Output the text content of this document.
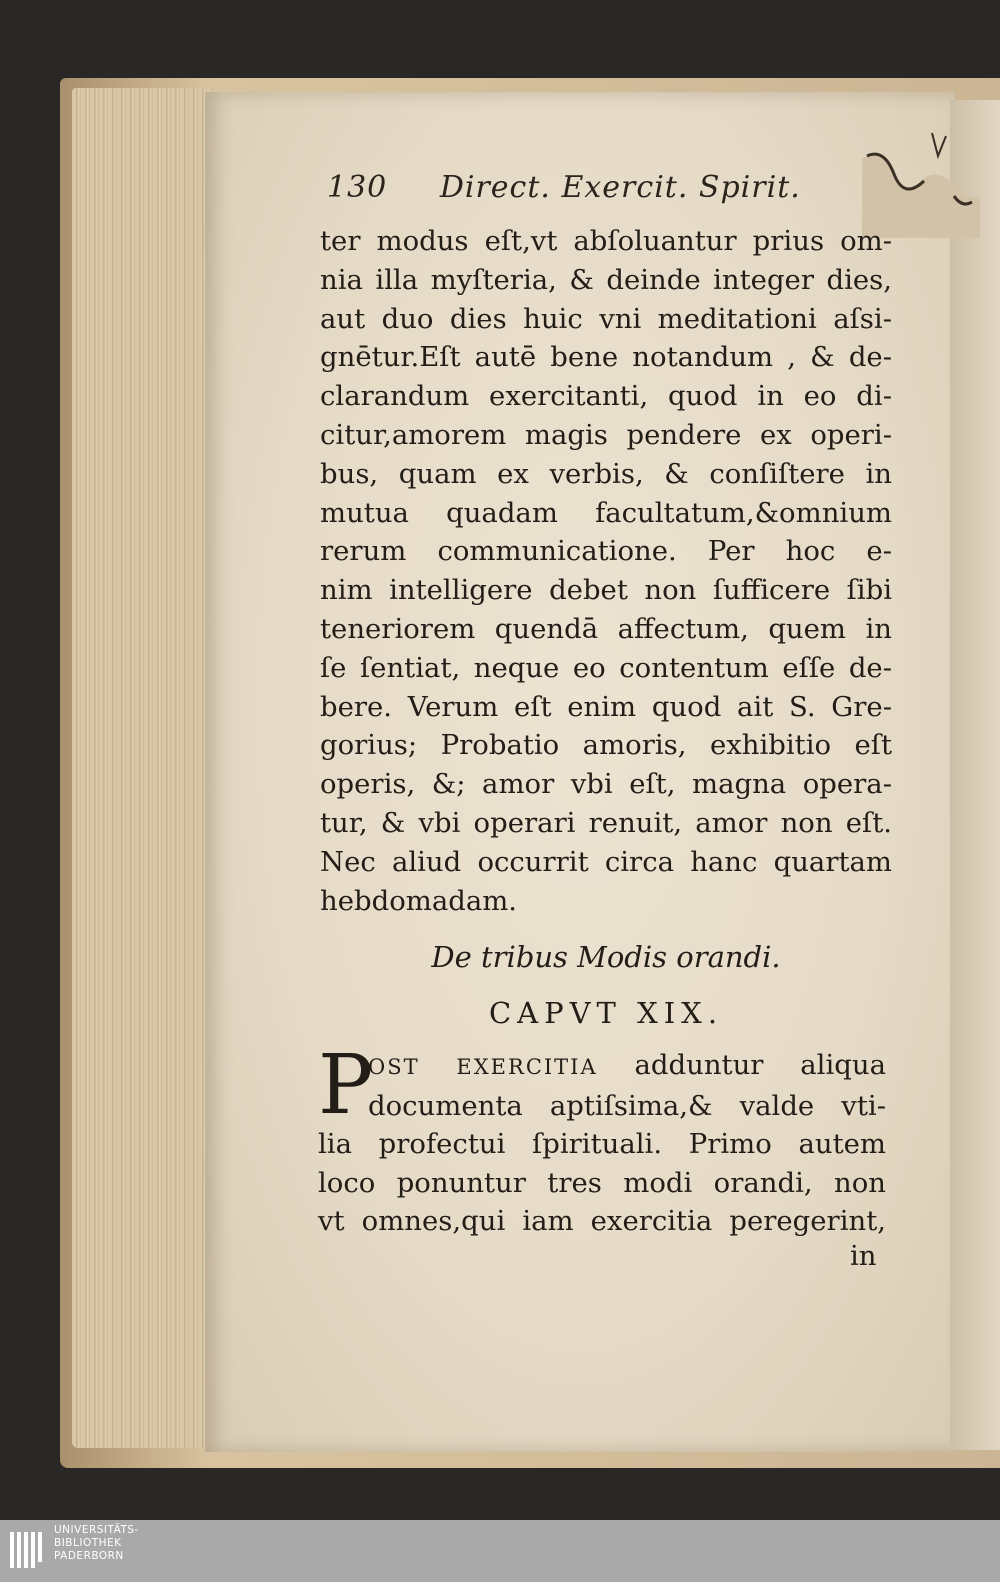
130 Direct. Exercit. Spirit.
ter modus eſt,vt abſoluantur prius om-
nia illa myſteria, & deinde integer dies,
aut duo dies huic vni meditationi aſsi-
gnētur.Eſt autē bene notandum , & de-
clarandum exercitanti, quod in eo di-
citur,amorem magis pendere ex operi-
bus, quam ex verbis, & conſiſtere in
mutua quadam facultatum,&omnium
rerum communicatione. Per hoc e-
nim intelligere debet non ſufficere ſibi
teneriorem quendā affectum, quem in
ſe ſentiat, neque eo contentum eſſe de-
bere. Verum eſt enim quod ait S. Gre-
gorius; Probatio amoris, exhibitio eſt
operis, &; amor vbi eſt, magna opera-
tur, & vbi operari renuit, amor non eſt.
Nec aliud occurrit circa hanc quartam
hebdomadam.
De tribus Modis orandi.
CAPVT XIX.
P
OST EXERCITIA adduntur aliqua
documenta aptiſsima,& valde vti-
lia profectui ſpirituali. Primo autem
loco ponuntur tres modi orandi, non
vt omnes,qui iam exercitia peregerint,
in
UNIVERSITÄTS-
BIBLIOTHEK
PADERBORN
